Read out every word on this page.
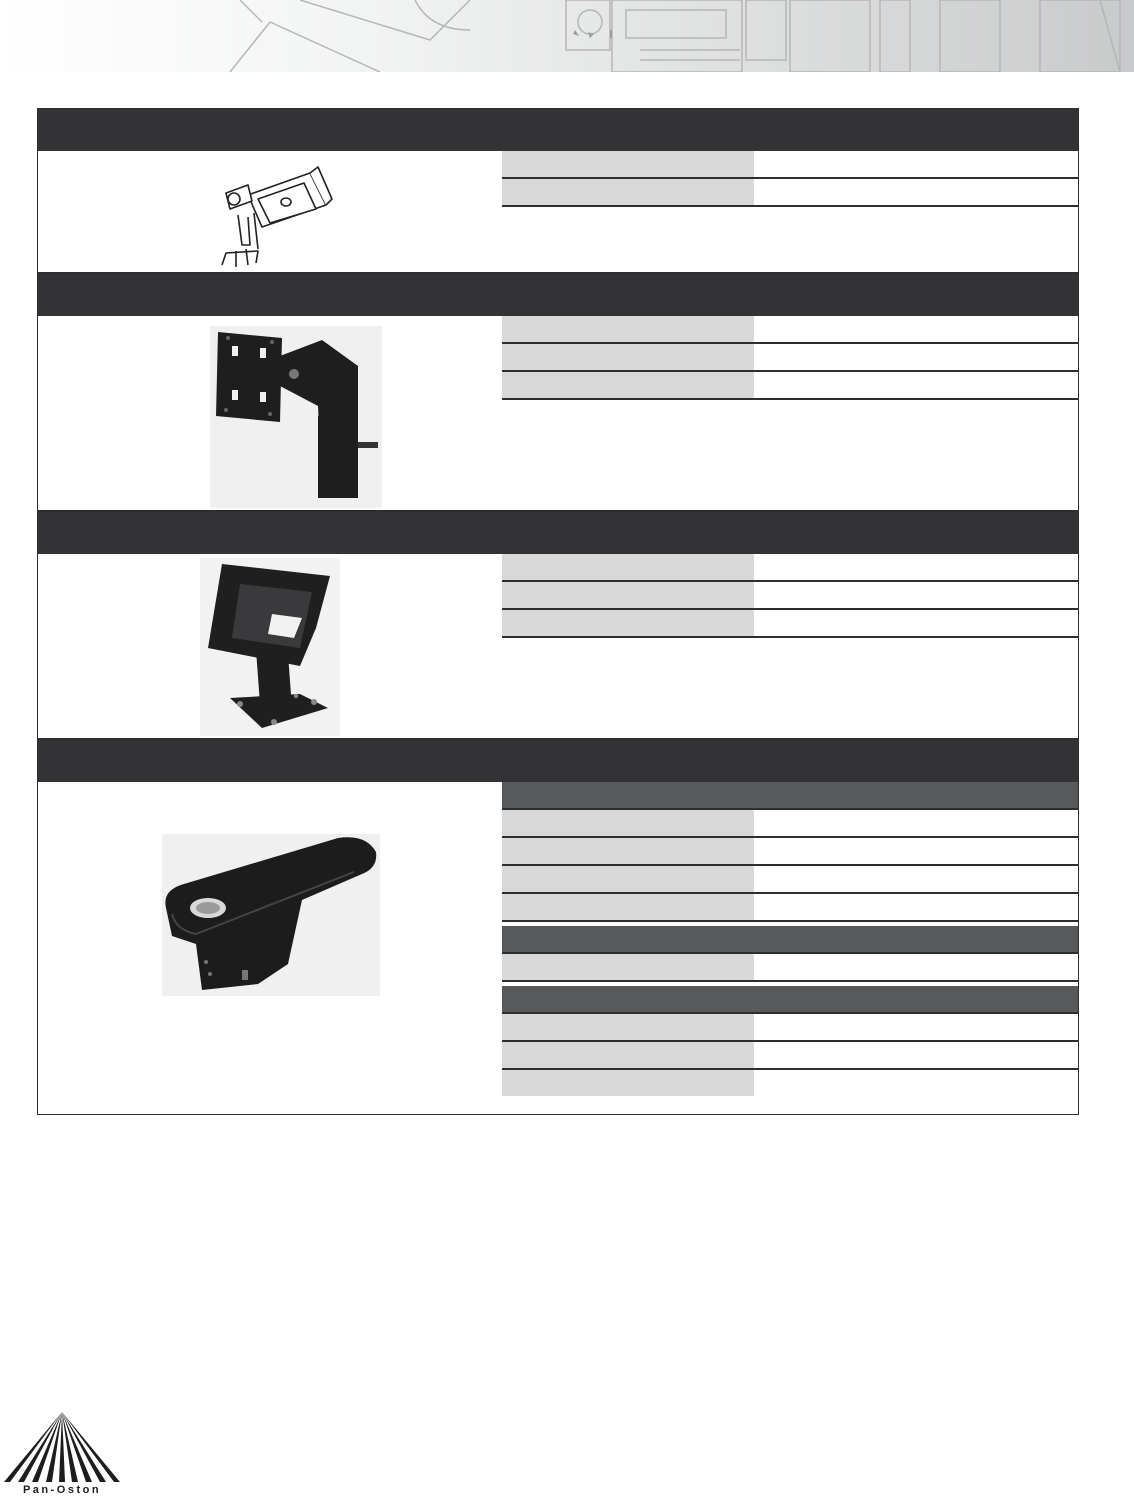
Pan-Oston
